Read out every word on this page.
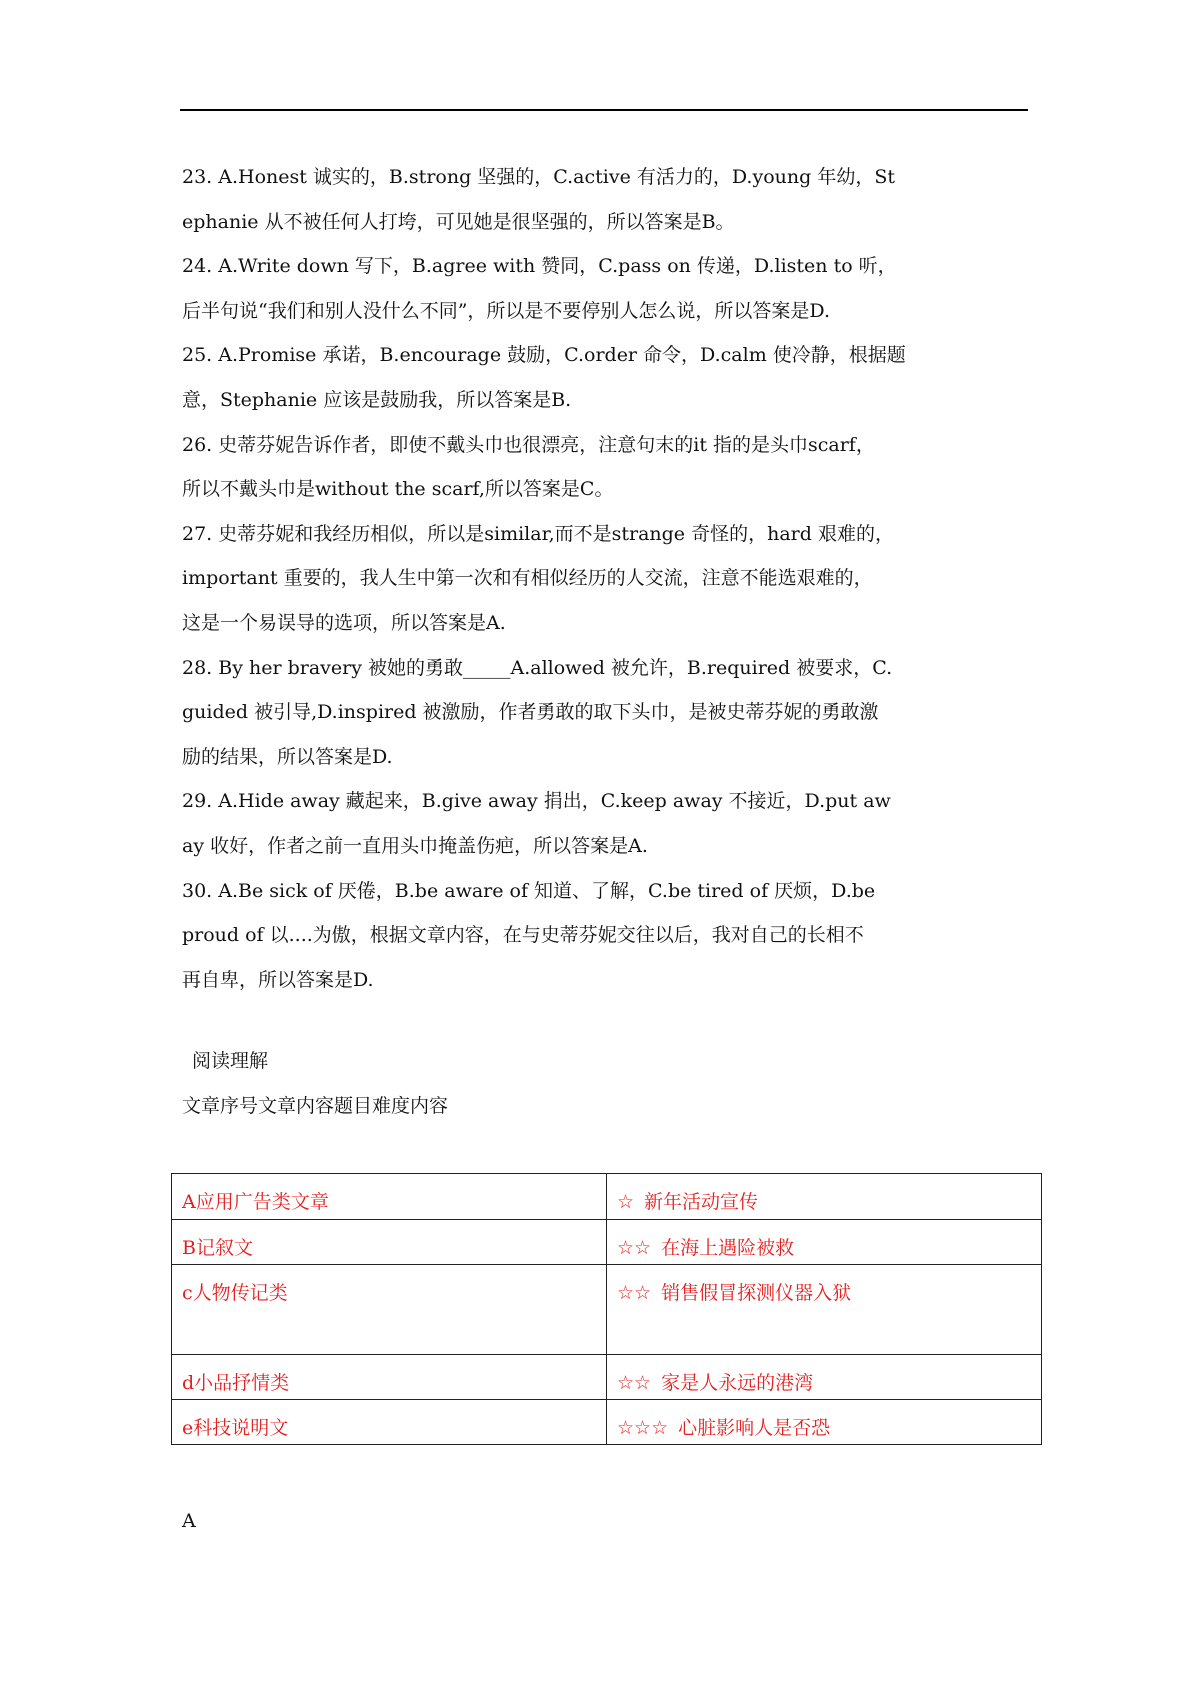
23. A.Honest 诚实的，B.strong 坚强的，C.active 有活力的，D.young 年幼，St
ephanie 从不被任何人打垮，可见她是很坚强的，所以答案是B。
24. A.Write down 写下，B.agree with 赞同，C.pass on 传递，D.listen to 听，
后半句说“我们和别人没什么不同”，所以是不要停别人怎么说，所以答案是D.
25. A.Promise 承诺，B.encourage 鼓励，C.order 命令，D.calm 使冷静，根据题
意，Stephanie 应该是鼓励我，所以答案是B.
26. 史蒂芬妮告诉作者，即使不戴头巾也很漂亮，注意句末的it 指的是头巾scarf，
所以不戴头巾是without the scarf,所以答案是C。
27. 史蒂芬妮和我经历相似，所以是similar,而不是strange 奇怪的，hard 艰难的，
important 重要的，我人生中第一次和有相似经历的人交流，注意不能选艰难的，
这是一个易误导的选项，所以答案是A.
28. By her bravery 被她的勇敢_____A.allowed 被允许，B.required 被要求，C.
guided 被引导,D.inspired 被激励，作者勇敢的取下头巾，是被史蒂芬妮的勇敢激
励的结果，所以答案是D.
29. A.Hide away 藏起来，B.give away 捐出，C.keep away 不接近，D.put aw
ay 收好，作者之前一直用头巾掩盖伤疤，所以答案是A.
30. A.Be sick of 厌倦，B.be aware of 知道、了解，C.be tired of 厌烦，D.be
proud of 以....为傲，根据文章内容，在与史蒂芬妮交往以后，我对自己的长相不
再自卑，所以答案是D.
阅读理解
文章序号文章内容题目难度内容
A应用广告类文章	☆ 新年活动宣传
B记叙文	☆☆ 在海上遇险被救
c人物传记类	☆☆ 销售假冒探测仪器入狱
d小品抒情类	☆☆ 家是人永远的港湾
e科技说明文	☆☆☆ 心脏影响人是否恐
A
